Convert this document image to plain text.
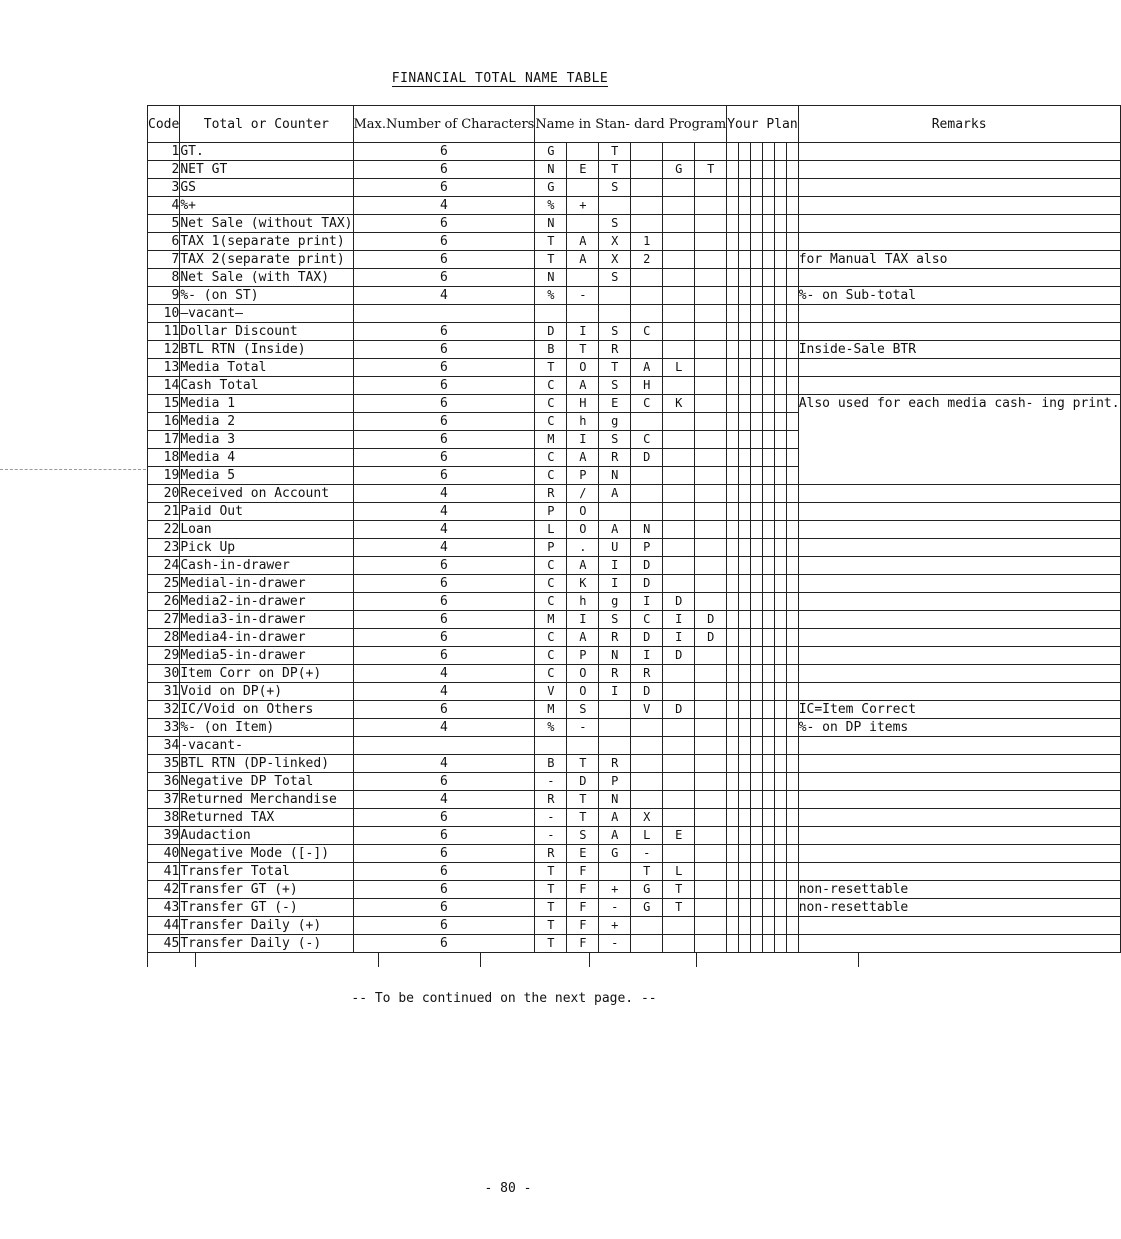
FINANCIAL TOTAL NAME TABLE
Code	Total or Counter	Max.Number of Characters	Name in Stan- dard Program						Your Plan						Remarks
1	GT.	6	G		T										
2	NET GT	6	N	E	T		G	T							
3	GS	6	G		S										
4	%+	4	%	+											
5	Net Sale (without TAX)	6	N		S										
6	TAX 1(separate print)	6	T	A	X	1									
7	TAX 2(separate print)	6	T	A	X	2									for Manual TAX also
8	Net Sale (with TAX)	6	N		S										
9	%- (on ST)	4	%	-											%- on Sub-total
10	—vacant—														
11	Dollar Discount	6	D	I	S	C									
12	BTL RTN (Inside)	6	B	T	R										Inside-Sale BTR
13	Media Total	6	T	O	T	A	L								
14	Cash Total	6	C	A	S	H									
15	Media 1	6	C	H	E	C	K								Also used for each media cash- ing print.
16	Media 2	6	C	h	g										
17	Media 3	6	M	I	S	C									
18	Media 4	6	C	A	R	D									
19	Media 5	6	C	P	N										
20	Received on Account	4	R	/	A										
21	Paid Out	4	P	O											
22	Loan	4	L	O	A	N									
23	Pick Up	4	P	.	U	P									
24	Cash-in-drawer	6	C	A	I	D									
25	Medial-in-drawer	6	C	K	I	D									
26	Media2-in-drawer	6	C	h	g	I	D								
27	Media3-in-drawer	6	M	I	S	C	I	D							
28	Media4-in-drawer	6	C	A	R	D	I	D							
29	Media5-in-drawer	6	C	P	N	I	D								
30	Item Corr on DP(+)	4	C	O	R	R									
31	Void on DP(+)	4	V	O	I	D									
32	IC/Void on Others	6	M	S		V	D								IC=Item Correct
33	%- (on Item)	4	%	-											%- on DP items
34	-vacant-														
35	BTL RTN (DP-linked)	4	B	T	R										
36	Negative DP Total	6	-	D	P										
37	Returned Merchandise	4	R	T	N										
38	Returned TAX	6	-	T	A	X									
39	Audaction	6	-	S	A	L	E								
40	Negative Mode ([-])	6	R	E	G	-									
41	Transfer Total	6	T	F		T	L								
42	Transfer GT (+)	6	T	F	+	G	T								non-resettable
43	Transfer GT (-)	6	T	F	-	G	T								non-resettable
44	Transfer Daily (+)	6	T	F	+										
45	Transfer Daily (-)	6	T	F	-										
-- To be continued on the next page. --
- 80 -
